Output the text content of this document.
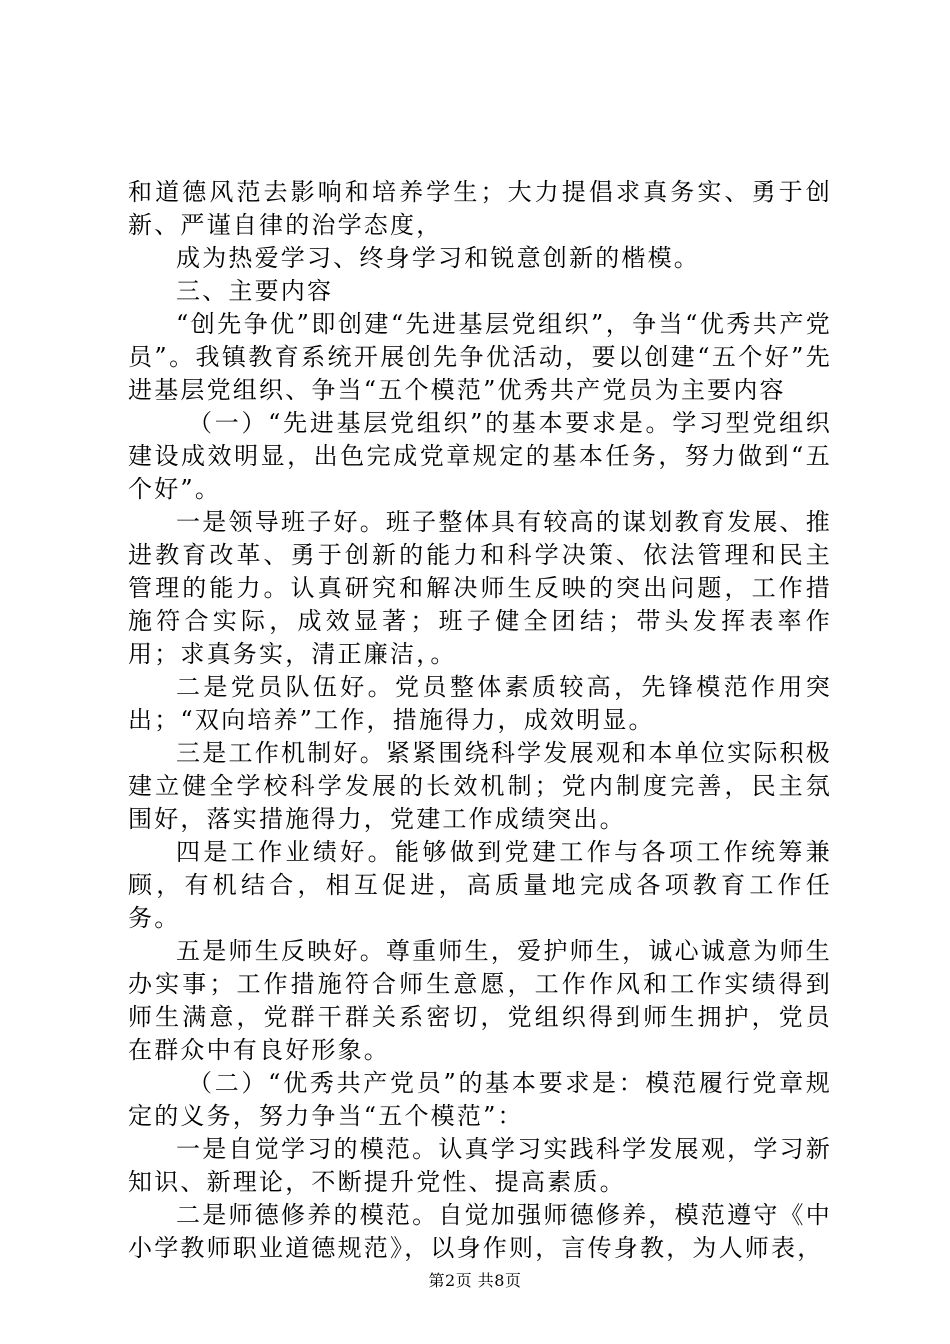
和道德风范去影响和培养学生；大力提倡求真务实、勇于创新、严谨自律的治学态度，

成为热爱学习、终身学习和锐意创新的楷模。

三、主要内容

“创先争优”即创建“先进基层党组织”，争当“优秀共产党员”。我镇教育系统开展创先争优活动，要以创建“五个好”先进基层党组织、争当“五个模范”优秀共产党员为主要内容

（一）“先进基层党组织”的基本要求是。学习型党组织建设成效明显，出色完成党章规定的基本任务，努力做到“五个好”。

一是领导班子好。班子整体具有较高的谋划教育发展、推进教育改革、勇于创新的能力和科学决策、依法管理和民主管理的能力。认真研究和解决师生反映的突出问题，工作措施符合实际，成效显著；班子健全团结；带头发挥表率作用；求真务实，清正廉洁，。

二是党员队伍好。党员整体素质较高，先锋模范作用突出；“双向培养”工作，措施得力，成效明显。

三是工作机制好。紧紧围绕科学发展观和本单位实际积极建立健全学校科学发展的长效机制；党内制度完善，民主氛围好，落实措施得力，党建工作成绩突出。

四是工作业绩好。能够做到党建工作与各项工作统筹兼顾，有机结合，相互促进，高质量地完成各项教育工作任务。

五是师生反映好。尊重师生，爱护师生，诚心诚意为师生办实事；工作措施符合师生意愿，工作作风和工作实绩得到师生满意，党群干群关系密切，党组织得到师生拥护，党员在群众中有良好形象。

（二）“优秀共产党员”的基本要求是：模范履行党章规定的义务，努力争当“五个模范”：

一是自觉学习的模范。认真学习实践科学发展观，学习新知识、新理论，不断提升党性、提高素质。

二是师德修养的模范。自觉加强师德修养，模范遵守《中小学教师职业道德规范》，以身作则，言传身教，为人师表，

第2页 共8页
